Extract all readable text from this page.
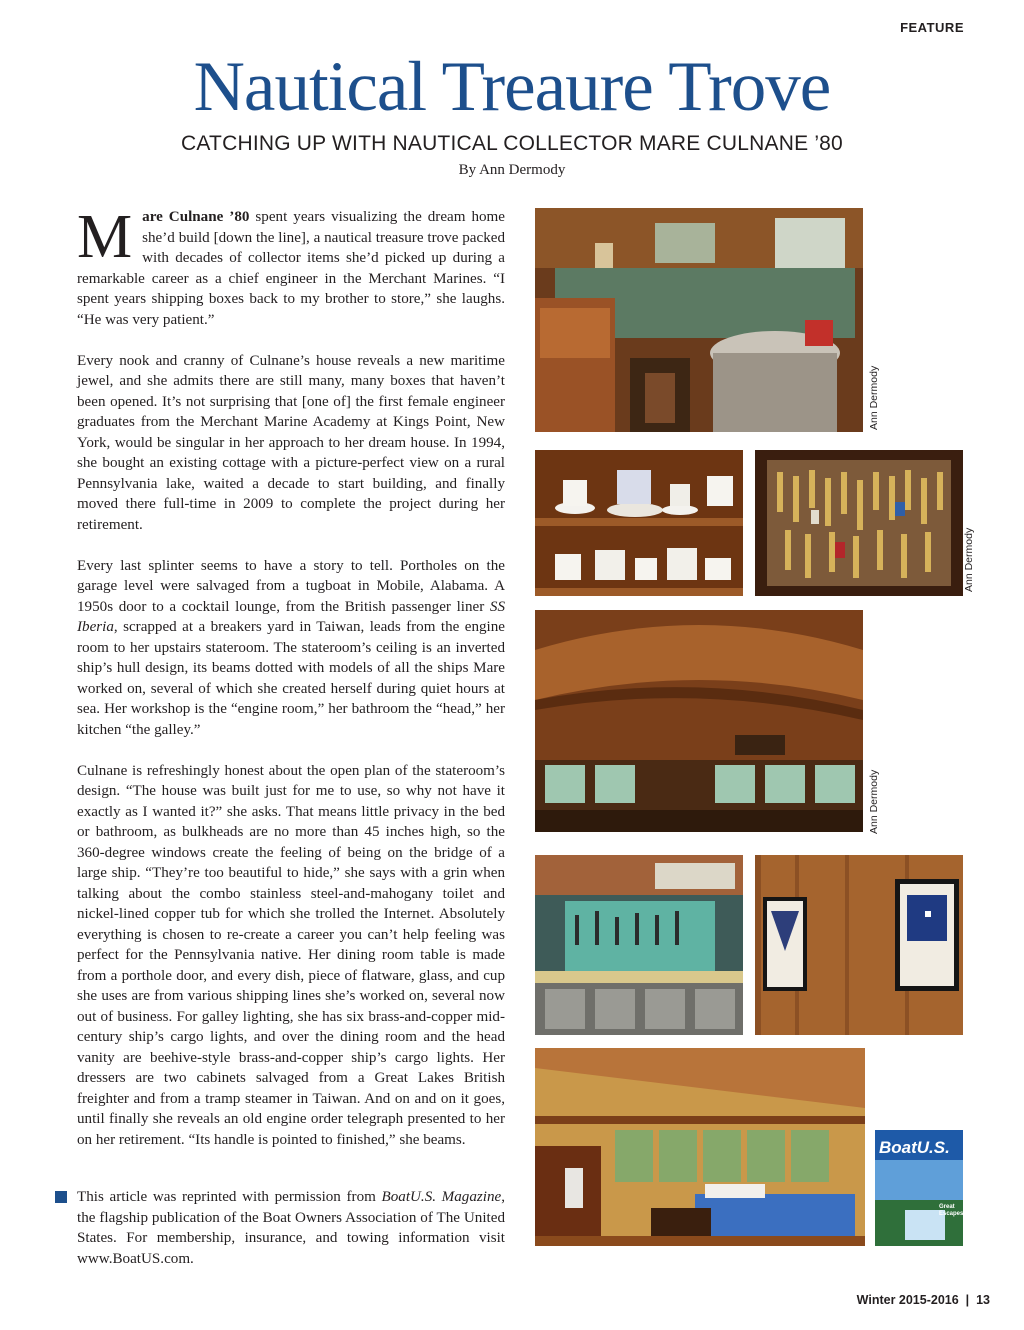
FEATURE
Nautical Treaure Trove
CATCHING UP WITH NAUTICAL COLLECTOR MARE CULNANE ’80
By Ann Dermody

Mare Culnane ’80 spent years visualizing the dream home she’d build [down the line], a nautical treasure trove packed with decades of collector items she’d picked up during a remarkable career as a chief engineer in the Merchant Marines. “I spent years shipping boxes back to my brother to store,” she laughs. “He was very patient.”

Every nook and cranny of Culnane’s house reveals a new maritime jewel, and she admits there are still many, many boxes that haven’t been opened. It’s not surprising that [one of] the first female engineer graduates from the Merchant Marine Academy at Kings Point, New York, would be singular in her approach to her dream house. In 1994, she bought an existing cottage with a picture-perfect view on a rural Pennsylvania lake, waited a decade to start building, and finally moved there full-time in 2009 to complete the project during her retirement.

Every last splinter seems to have a story to tell. Portholes on the garage level were salvaged from a tugboat in Mobile, Alabama. A 1950s door to a cocktail lounge, from the British passenger liner SS Iberia, scrapped at a breakers yard in Taiwan, leads from the engine room to her upstairs stateroom. The stateroom’s ceiling is an inverted ship’s hull design, its beams dotted with models of all the ships Mare worked on, several of which she created herself during quiet hours at sea. Her workshop is the “engine room,” her bathroom the “head,” her kitchen “the galley.”

Culnane is refreshingly honest about the open plan of the stateroom’s design. “The house was built just for me to use, so why not have it exactly as I wanted it?” she asks. That means little privacy in the bed or bathroom, as bulkheads are no more than 45 inches high, so the 360-degree windows create the feeling of being on the bridge of a large ship. “They’re too beautiful to hide,” she says with a grin when talking about the combo stainless steel-and-mahogany toilet and nickel-lined copper tub for which she trolled the Internet. Absolutely everything is chosen to re-create a career you can’t help feeling was perfect for the Pennsylvania native. Her dining room table is made from a porthole door, and every dish, piece of flatware, glass, and cup she uses are from various shipping lines she’s worked on, several now out of business. For galley lighting, she has six brass-and-copper mid-century ship’s cargo lights, and over the dining room and the head vanity are beehive-style brass-and-copper ship’s cargo lights. Her dressers are two cabinets salvaged from a Great Lakes British freighter and from a tramp steamer in Taiwan. And on and on it goes, until finally she reveals an old engine order telegraph presented to her on her retirement. “Its handle is pointed to finished,” she beams.

This article was reprinted with permission from BoatU.S. Magazine, the flagship publication of the Boat Owners Association of The United States. For membership, insurance, and towing information visit www.BoatUS.com.
Ann Dermody
Ann Dermody
Ann Dermody
BoatU.S.
Great Escapes
Winter 2015-2016 | 13
